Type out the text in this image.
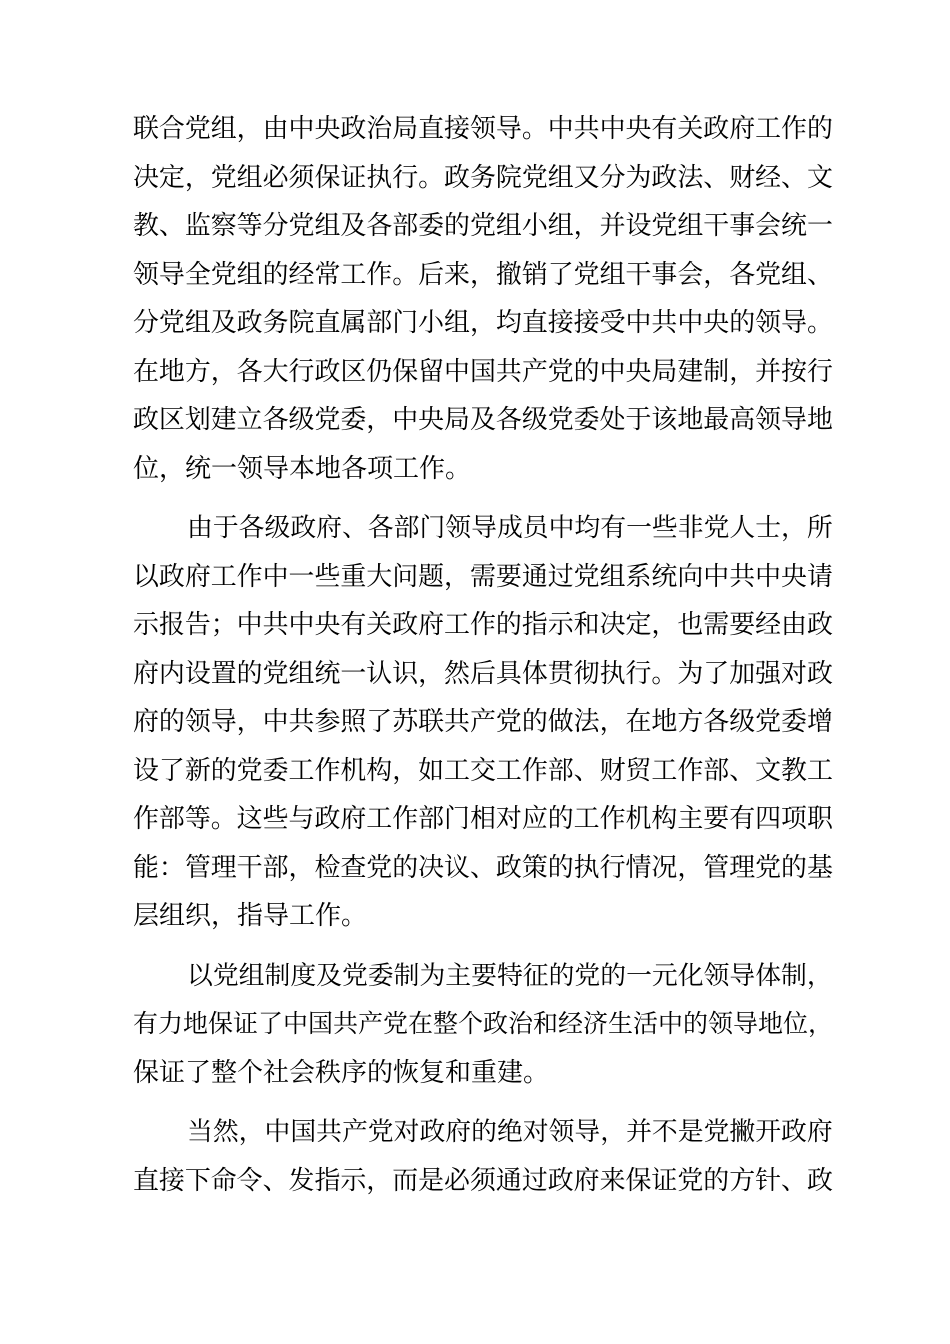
联合党组，由中央政治局直接领导。中共中央有关政府工作的
决定，党组必须保证执行。政务院党组又分为政法、财经、文
教、监察等分党组及各部委的党组小组，并设党组干事会统一
领导全党组的经常工作。后来，撤销了党组干事会，各党组、
分党组及政务院直属部门小组，均直接接受中共中央的领导。
在地方，各大行政区仍保留中国共产党的中央局建制，并按行
政区划建立各级党委，中央局及各级党委处于该地最高领导地
位，统一领导本地各项工作。
由于各级政府、各部门领导成员中均有一些非党人士，所
以政府工作中一些重大问题，需要通过党组系统向中共中央请
示报告；中共中央有关政府工作的指示和决定，也需要经由政
府内设置的党组统一认识，然后具体贯彻执行。为了加强对政
府的领导，中共参照了苏联共产党的做法，在地方各级党委增
设了新的党委工作机构，如工交工作部、财贸工作部、文教工
作部等。这些与政府工作部门相对应的工作机构主要有四项职
能：管理干部，检查党的决议、政策的执行情况，管理党的基
层组织，指导工作。
以党组制度及党委制为主要特征的党的一元化领导体制，
有力地保证了中国共产党在整个政治和经济生活中的领导地位，
保证了整个社会秩序的恢复和重建。
当然，中国共产党对政府的绝对领导，并不是党撇开政府
直接下命令、发指示，而是必须通过政府来保证党的方针、政
